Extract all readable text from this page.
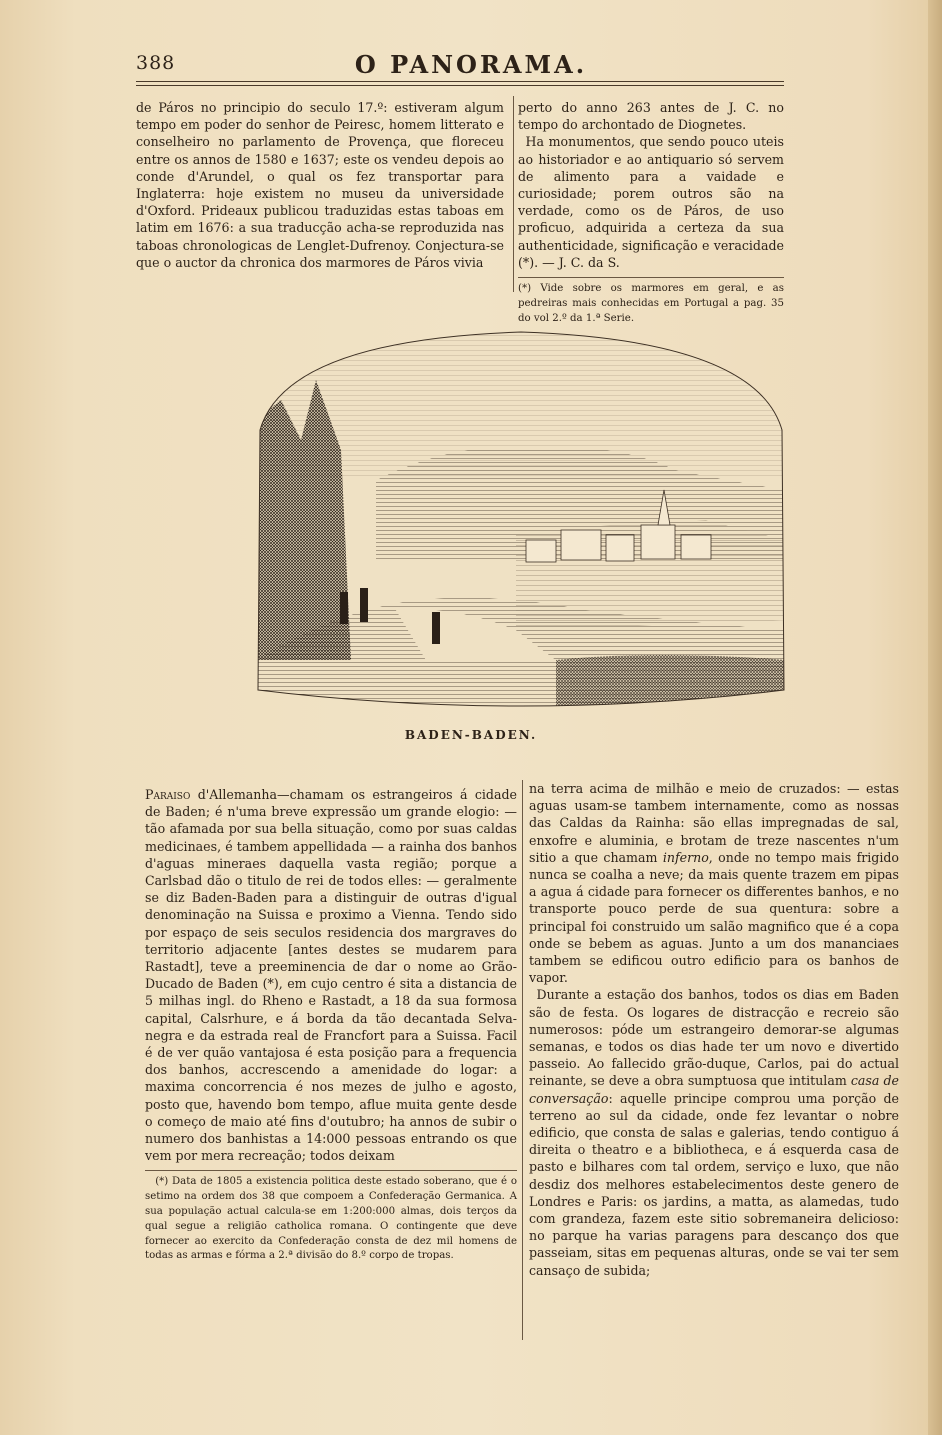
388	O PANORAMA.

de Páros no principio do seculo 17.º: estiveram algum tempo em poder do senhor de Peiresc, homem litterato e conselheiro no parlamento de Provença, que floreceu entre os annos de 1580 e 1637; este os vendeu depois ao conde d'Arundel, o qual os fez transportar para Inglaterra: hoje existem no museu da universidade d'Oxford. Prideaux publicou traduzidas estas taboas em latim em 1676: a sua traducção acha-se reproduzida nas taboas chronologicas de Lenglet-Dufrenoy. Conjectura-se que o auctor da chronica dos marmores de Páros vivia

perto do anno 263 antes de J. C. no tempo do archontado de Diognetes.

Ha monumentos, que sendo pouco uteis ao historiador e ao antiquario só servem de alimento para a vaidade e curiosidade; porem outros são na verdade, como os de Páros, de uso proficuo, adquirida a certeza da sua authenticidade, significação e veracidade (*). — J. C. da S.

(*) Vide sobre os marmores em geral, e as pedreiras mais conhecidas em Portugal a pag. 35 do vol 2.º da 1.ª Serie.

BADEN-BADEN.

Paraiso d'Allemanha—chamam os estrangeiros á cidade de Baden; é n'uma breve expressão um grande elogio: — tão afamada por sua bella situação, como por suas caldas medicinaes, é tambem appellidada — a rainha dos banhos d'aguas mineraes daquella vasta região; porque a Carlsbad dão o titulo de rei de todos elles: — geralmente se diz Baden-Baden para a distinguir de outras d'igual denominação na Suissa e proximo a Vienna. Tendo sido por espaço de seis seculos residencia dos margraves do territorio adjacente [antes destes se mudarem para Rastadt], teve a preeminencia de dar o nome ao Grão-Ducado de Baden (*), em cujo centro é sita a distancia de 5 milhas ingl. do Rheno e Rastadt, a 18 da sua formosa capital, Calsrhure, e á borda da tão decantada Selva-negra e da estrada real de Francfort para a Suissa. Facil é de ver quão vantajosa é esta posição para a frequencia dos banhos, accrescendo a amenidade do logar: a maxima concorrencia é nos mezes de julho e agosto, posto que, havendo bom tempo, aflue muita gente desde o começo de maio até fins d'outubro; ha annos de subir o numero dos banhistas a 14:000 pessoas entrando os que vem por mera recreação; todos deixam

(*) Data de 1805 a existencia politica deste estado soberano, que é o setimo na ordem dos 38 que compoem a Confederação Germanica. A sua população actual calcula-se em 1:200:000 almas, dois terços da qual segue a religião catholica romana. O contingente que deve fornecer ao exercito da Confederação consta de dez mil homens de todas as armas e fórma a 2.ª divisão do 8.º corpo de tropas.

na terra acima de milhão e meio de cruzados: — estas aguas usam-se tambem internamente, como as nossas das Caldas da Rainha: são ellas impregnadas de sal, enxofre e aluminia, e brotam de treze nascentes n'um sitio a que chamam inferno, onde no tempo mais frigido nunca se coalha a neve; da mais quente trazem em pipas a agua á cidade para fornecer os differentes banhos, e no transporte pouco perde de sua quentura: sobre a principal foi construido um salão magnifico que é a copa onde se bebem as aguas. Junto a um dos mananciaes tambem se edificou outro edificio para os banhos de vapor.

Durante a estação dos banhos, todos os dias em Baden são de festa. Os logares de distracção e recreio são numerosos: póde um estrangeiro demorar-se algumas semanas, e todos os dias hade ter um novo e divertido passeio. Ao fallecido grão-duque, Carlos, pai do actual reinante, se deve a obra sumptuosa que intitulam casa de conversação: aquelle principe comprou uma porção de terreno ao sul da cidade, onde fez levantar o nobre edificio, que consta de salas e galerias, tendo contiguo á direita o theatro e a bibliotheca, e á esquerda casa de pasto e bilhares com tal ordem, serviço e luxo, que não desdiz dos melhores estabelecimentos deste genero de Londres e Paris: os jardins, a matta, as alamedas, tudo com grandeza, fazem este sitio sobremaneira delicioso: no parque ha varias paragens para descanço dos que passeiam, sitas em pequenas alturas, onde se vai ter sem cansaço de subida;
